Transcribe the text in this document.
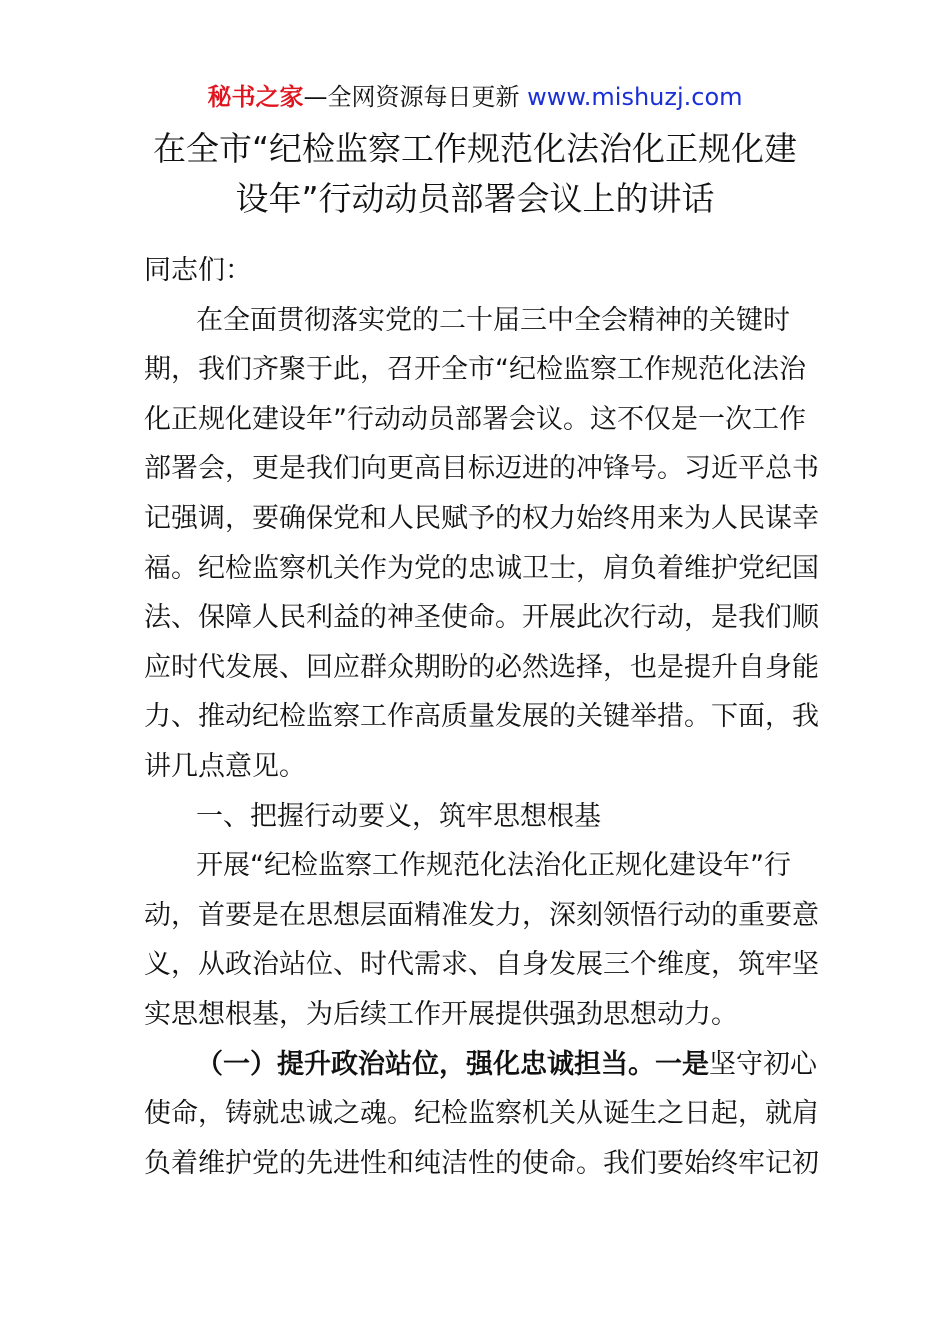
秘书之家—全网资源每日更新 www.mishuzj.com
在全市“纪检监察工作规范化法治化正规化建
设年”行动动员部署会议上的讲话
同志们：
在全面贯彻落实党的二十届三中全会精神的关键时
期，我们齐聚于此，召开全市“纪检监察工作规范化法治
化正规化建设年”行动动员部署会议。这不仅是一次工作
部署会，更是我们向更高目标迈进的冲锋号。习近平总书
记强调，要确保党和人民赋予的权力始终用来为人民谋幸
福。纪检监察机关作为党的忠诚卫士，肩负着维护党纪国
法、保障人民利益的神圣使命。开展此次行动，是我们顺
应时代发展、回应群众期盼的必然选择，也是提升自身能
力、推动纪检监察工作高质量发展的关键举措。下面，我
讲几点意见。
一、把握行动要义，筑牢思想根基
开展“纪检监察工作规范化法治化正规化建设年”行
动，首要是在思想层面精准发力，深刻领悟行动的重要意
义，从政治站位、时代需求、自身发展三个维度，筑牢坚
实思想根基，为后续工作开展提供强劲思想动力。
（一）提升政治站位，强化忠诚担当。一是坚守初心
使命，铸就忠诚之魂。纪检监察机关从诞生之日起，就肩
负着维护党的先进性和纯洁性的使命。我们要始终牢记初
